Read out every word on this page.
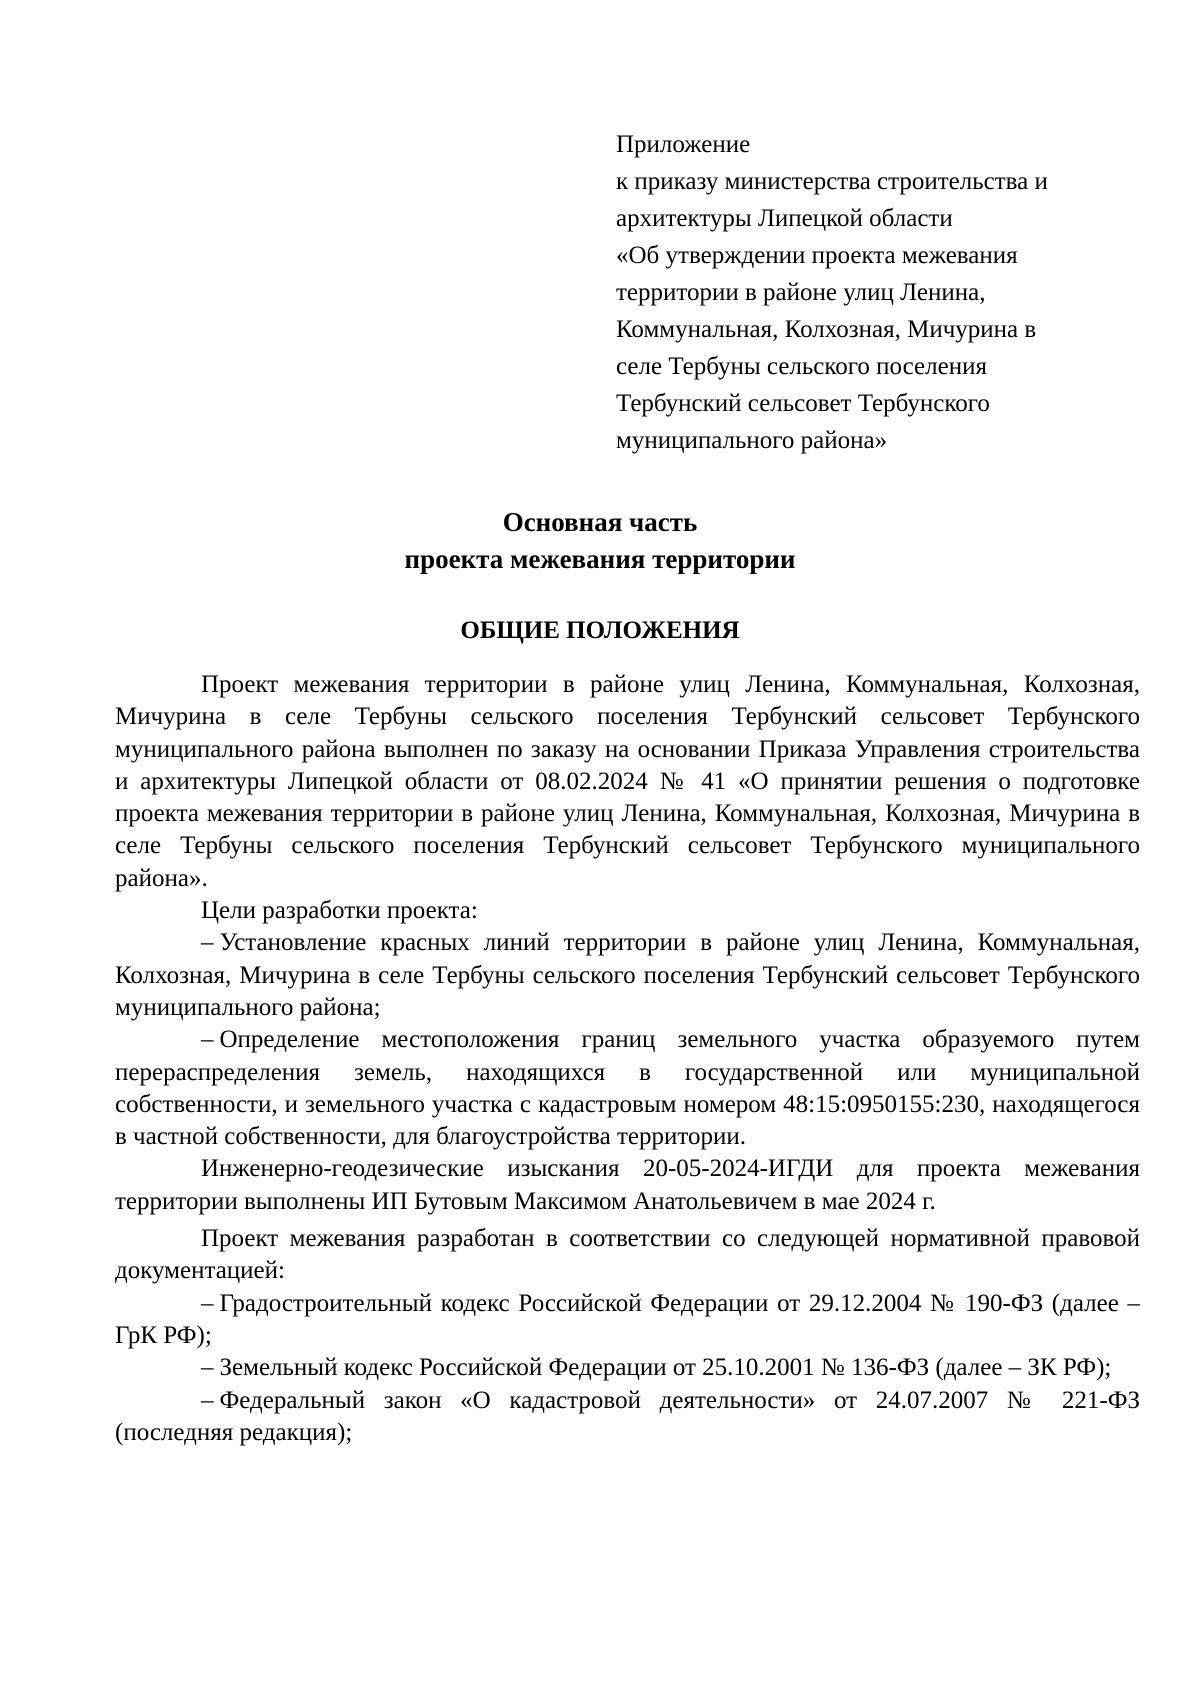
Приложение
к приказу министерства строительства и
архитектуры Липецкой области
«Об утверждении проекта межевания
территории в районе улиц Ленина,
Коммунальная, Колхозная, Мичурина в
селе Тербуны сельского поселения
Тербунский сельсовет Тербунского
муниципального района»
Основная часть
проекта межевания территории
ОБЩИЕ ПОЛОЖЕНИЯ

Проект межевания территории в районе улиц Ленина, Коммунальная, Колхозная, Мичурина в селе Тербуны сельского поселения Тербунский сельсовет Тербунского муниципального района выполнен по заказу на основании Приказа Управления строительства и архитектуры Липецкой области от 08.02.2024 № 41 «О принятии решения о подготовке проекта межевания территории в районе улиц Ленина, Коммунальная, Колхозная, Мичурина в селе Тербуны сельского поселения Тербунский сельсовет Тербунского муниципального района».

Цели разработки проекта:

– Установление красных линий территории в районе улиц Ленина, Коммунальная, Колхозная, Мичурина в селе Тербуны сельского поселения Тербунский сельсовет Тербунского муниципального района;

– Определение местоположения границ земельного участка образуемого путем перераспределения земель, находящихся в государственной или муниципальной собственности, и земельного участка с кадастровым номером 48:15:0950155:230, находящегося в частной собственности, для благоустройства территории.

Инженерно-геодезические изыскания 20-05-2024-ИГДИ для проекта межевания территории выполнены ИП Бутовым Максимом Анатольевичем в мае 2024 г.

Проект межевания разработан в соответствии со следующей нормативной правовой документацией:

– Градостроительный кодекс Российской Федерации от 29.12.2004 № 190-ФЗ (далее – ГрК РФ);

– Земельный кодекс Российской Федерации от 25.10.2001 № 136-ФЗ (далее – ЗК РФ);

– Федеральный закон «О кадастровой деятельности» от 24.07.2007 № 221-ФЗ (последняя редакция);
